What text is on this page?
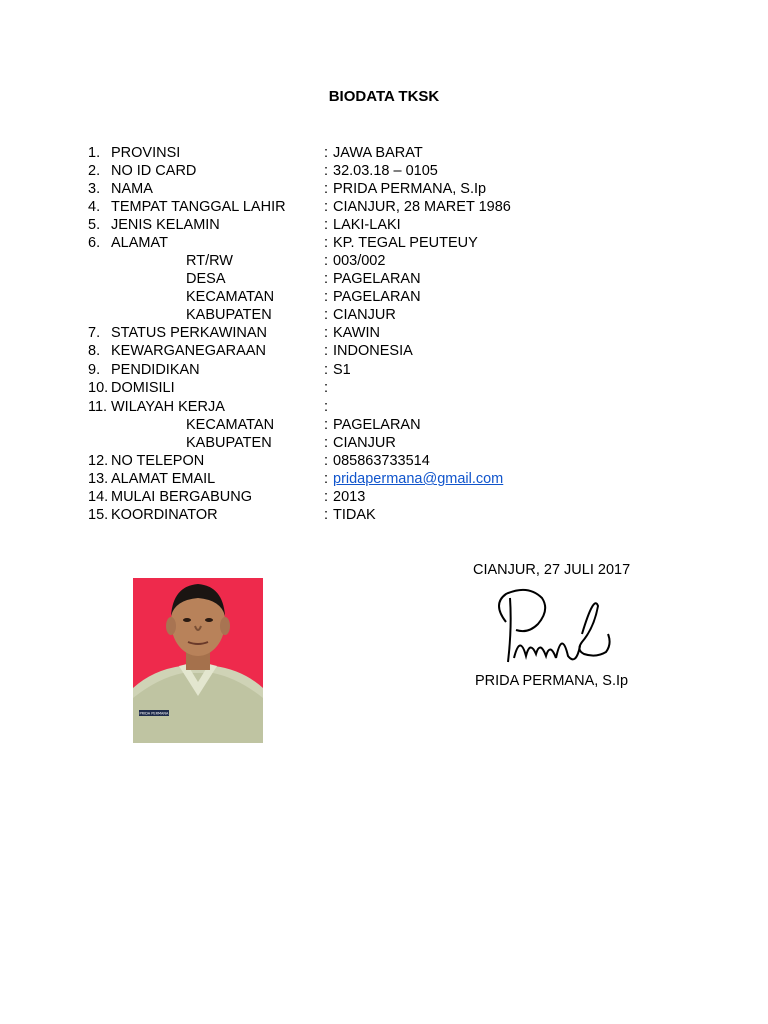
BIODATA TKSK
1. PROVINSI	: JAWA BARAT
2. NO ID CARD	: 32.03.18 – 0105
3. NAMA	: PRIDA PERMANA, S.Ip
4. TEMPAT TANGGAL LAHIR	: CIANJUR, 28 MARET 1986
5. JENIS KELAMIN	: LAKI-LAKI
6. ALAMAT	: KP. TEGAL PEUTEUY
RT/RW	: 003/002
DESA	: PAGELARAN
KECAMATAN	: PAGELARAN
KABUPATEN	: CIANJUR
7. STATUS PERKAWINAN	: KAWIN
8. KEWARGANEGARAAN	: INDONESIA
9. PENDIDIKAN	: S1
10. DOMISILI	:
11. WILAYAH KERJA	:
KECAMATAN	: PAGELARAN
KABUPATEN	: CIANJUR
12. NO TELEPON	: 085863733514
13. ALAMAT EMAIL	: pridapermana@gmail.com
14. MULAI BERGABUNG	: 2013
15. KOORDINATOR	: TIDAK
PRIDA PERMANA
CIANJUR, 27 JULI 2017
PRIDA PERMANA, S.Ip
